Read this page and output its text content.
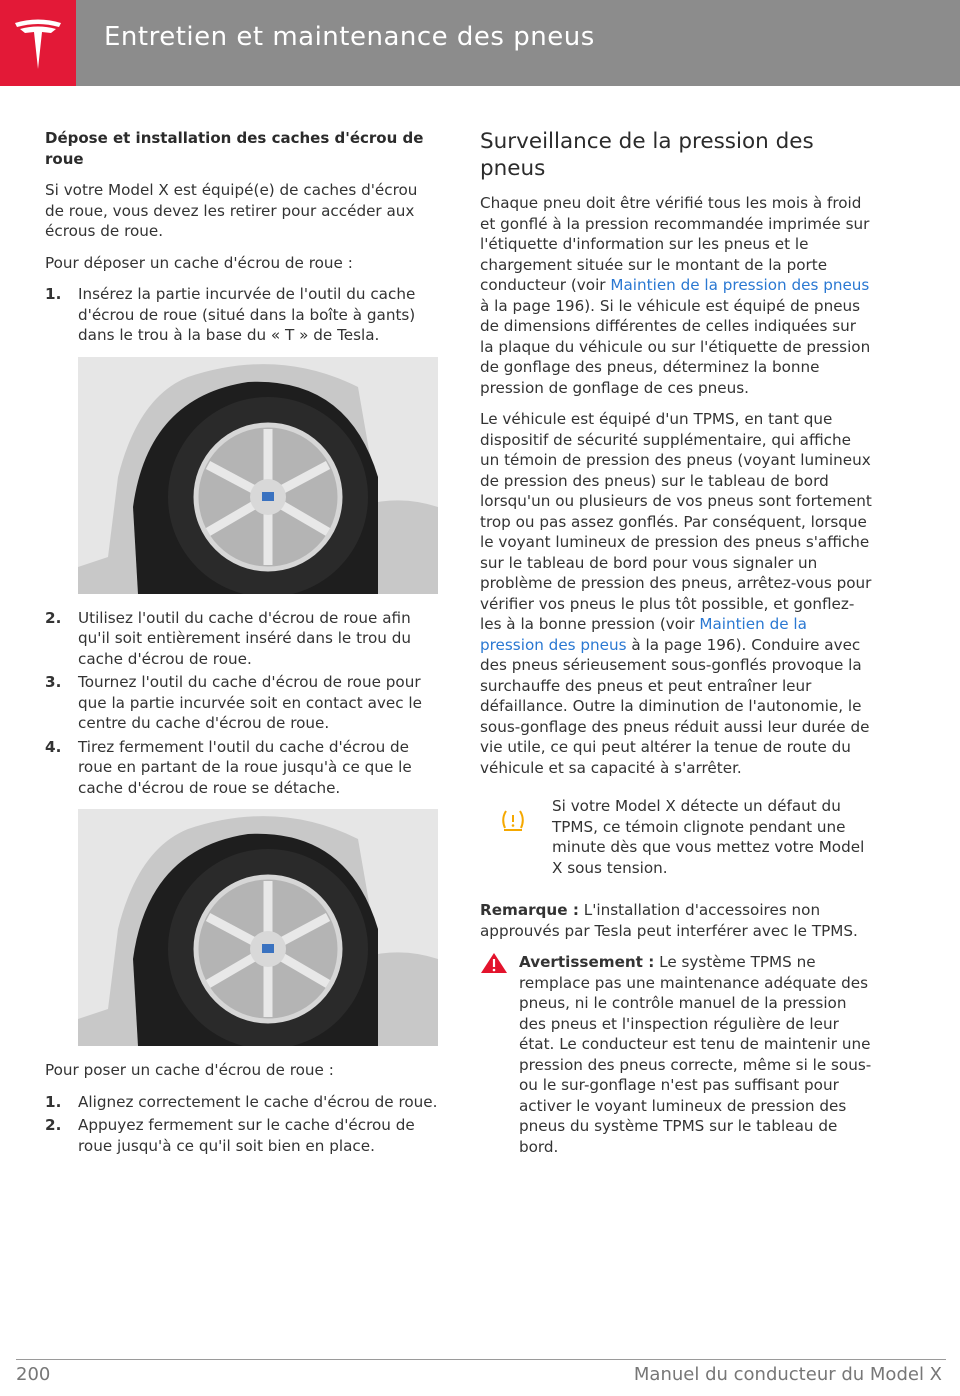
Entretien et maintenance des pneus

Dépose et installation des caches d'écrou de roue

Si votre Model X est équipé(e) de caches d'écrou de roue, vous devez les retirer pour accéder aux écrous de roue.

Pour déposer un cache d'écrou de roue :

1. Insérez la partie incurvée de l'outil du cache d'écrou de roue (situé dans la boîte à gants) dans le trou à la base du « T » de Tesla.
2. Utilisez l'outil du cache d'écrou de roue afin qu'il soit entièrement inséré dans le trou du cache d'écrou de roue.
3. Tournez l'outil du cache d'écrou de roue pour que la partie incurvée soit en contact avec le centre du cache d'écrou de roue.
4. Tirez fermement l'outil du cache d'écrou de roue en partant de la roue jusqu'à ce que le cache d'écrou de roue se détache.

Pour poser un cache d'écrou de roue :

1. Alignez correctement le cache d'écrou de roue.
2. Appuyez fermement sur le cache d'écrou de roue jusqu'à ce qu'il soit bien en place.

Surveillance de la pression des pneus

Chaque pneu doit être vérifié tous les mois à froid et gonflé à la pression recommandée imprimée sur l'étiquette d'information sur les pneus et le chargement située sur le montant de la porte conducteur (voir Maintien de la pression des pneus à la page 196). Si le véhicule est équipé de pneus de dimensions différentes de celles indiquées sur la plaque du véhicule ou sur l'étiquette de pression de gonflage des pneus, déterminez la bonne pression de gonflage de ces pneus.

Le véhicule est équipé d'un TPMS, en tant que dispositif de sécurité supplémentaire, qui affiche un témoin de pression des pneus (voyant lumineux de pression des pneus) sur le tableau de bord lorsqu'un ou plusieurs de vos pneus sont fortement trop ou pas assez gonflés. Par conséquent, lorsque le voyant lumineux de pression des pneus s'affiche sur le tableau de bord pour vous signaler un problème de pression des pneus, arrêtez-vous pour vérifier vos pneus le plus tôt possible, et gonflez-les à la bonne pression (voir Maintien de la pression des pneus à la page 196). Conduire avec des pneus sérieusement sous-gonflés provoque la surchauffe des pneus et peut entraîner leur défaillance. Outre la diminution de l'autonomie, le sous-gonflage des pneus réduit aussi leur durée de vie utile, ce qui peut altérer la tenue de route du véhicule et sa capacité à s'arrêter.

Si votre Model X détecte un défaut du TPMS, ce témoin clignote pendant une minute dès que vous mettez votre Model X sous tension.

Remarque : L'installation d'accessoires non approuvés par Tesla peut interférer avec le TPMS.

Avertissement : Le système TPMS ne remplace pas une maintenance adéquate des pneus, ni le contrôle manuel de la pression des pneus et l'inspection régulière de leur état. Le conducteur est tenu de maintenir une pression des pneus correcte, même si le sous- ou le sur-gonflage n'est pas suffisant pour activer le voyant lumineux de pression des pneus du système TPMS sur le tableau de bord.
200	Manuel du conducteur du Model X
